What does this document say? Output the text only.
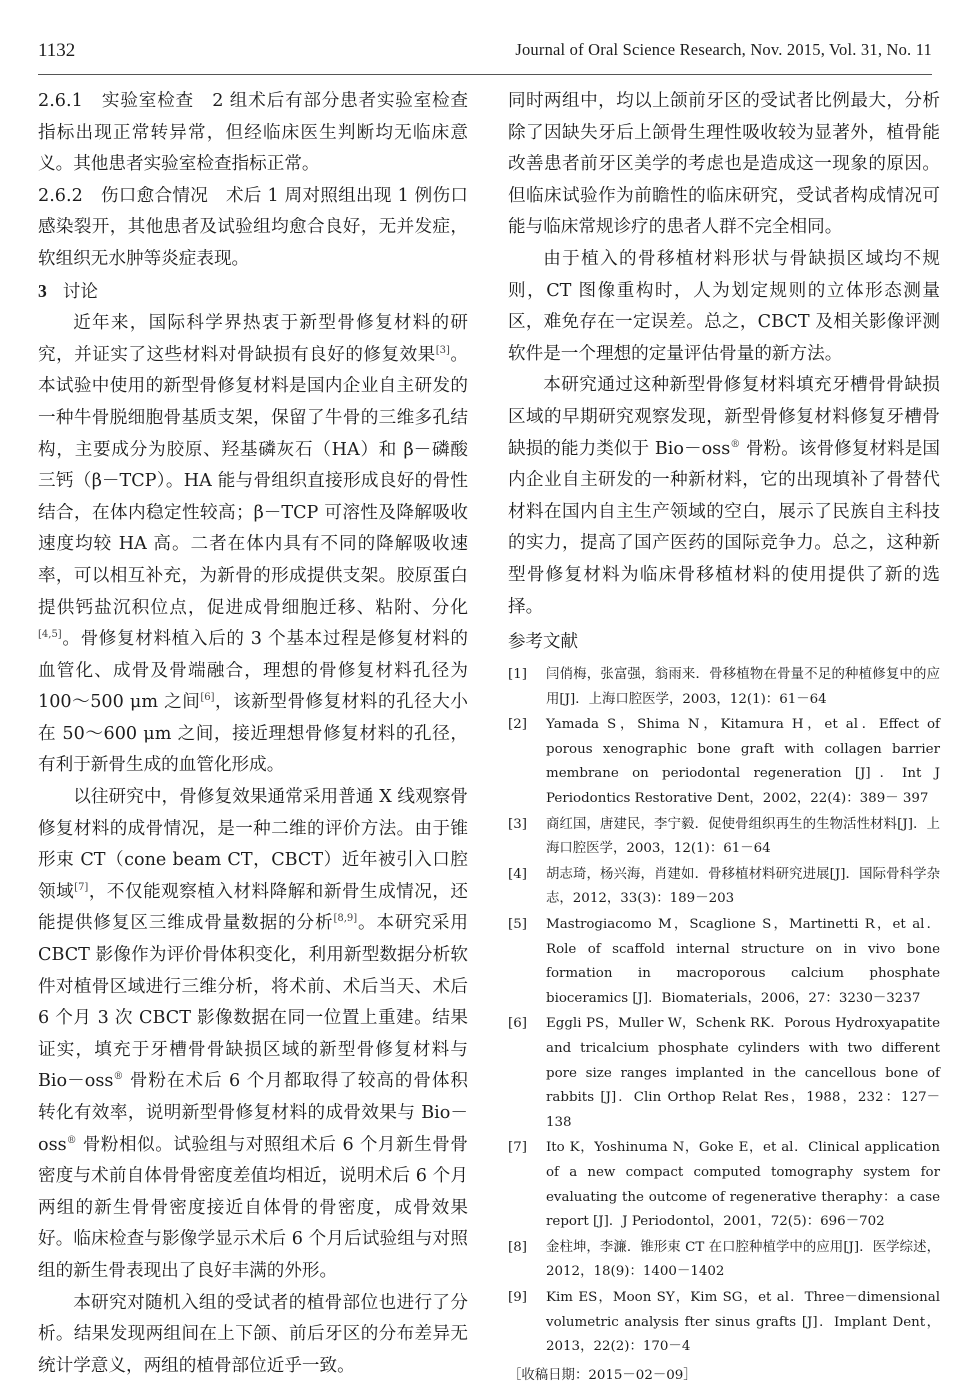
1132	Journal of Oral Science Research, Nov. 2015, Vol. 31, No. 11

2.6.1　实验室检查　2 组术后有部分患者实验室检查指标出现正常转异常，但经临床医生判断均无临床意义。其他患者实验室检查指标正常。

2.6.2　伤口愈合情况　术后 1 周对照组出现 1 例伤口感染裂开，其他患者及试验组均愈合良好，无并发症，软组织无水肿等炎症表现。

3 讨论

近年来，国际科学界热衷于新型骨修复材料的研究，并证实了这些材料对骨缺损有良好的修复效果[3]。本试验中使用的新型骨修复材料是国内企业自主研发的一种牛骨脱细胞骨基质支架，保留了牛骨的三维多孔结构，主要成分为胶原、羟基磷灰石（HA）和 β－磷酸三钙（β－TCP）。HA 能与骨组织直接形成良好的骨性结合，在体内稳定性较高；β－TCP 可溶性及降解吸收速度均较 HA 高。二者在体内具有不同的降解吸收速率，可以相互补充，为新骨的形成提供支架。胶原蛋白提供钙盐沉积位点，促进成骨细胞迁移、粘附、分化[4,5]。骨修复材料植入后的 3 个基本过程是修复材料的血管化、成骨及骨端融合，理想的骨修复材料孔径为 100～500 μm 之间[6]，该新型骨修复材料的孔径大小在 50～600 μm 之间，接近理想骨修复材料的孔径，有利于新骨生成的血管化形成。

以往研究中，骨修复效果通常采用普通 X 线观察骨修复材料的成骨情况，是一种二维的评价方法。由于锥形束 CT（cone beam CT，CBCT）近年被引入口腔领域[7]，不仅能观察植入材料降解和新骨生成情况，还能提供修复区三维成骨量数据的分析[8,9]。本研究采用 CBCT 影像作为评价骨体积变化，利用新型数据分析软件对植骨区域进行三维分析，将术前、术后当天、术后 6 个月 3 次 CBCT 影像数据在同一位置上重建。结果证实，填充于牙槽骨骨缺损区域的新型骨修复材料与 Bio－oss® 骨粉在术后 6 个月都取得了较高的骨体积转化有效率，说明新型骨修复材料的成骨效果与 Bio－oss® 骨粉相似。试验组与对照组术后 6 个月新生骨骨密度与术前自体骨骨密度差值均相近，说明术后 6 个月两组的新生骨骨密度接近自体骨的骨密度，成骨效果好。临床检查与影像学显示术后 6 个月后试验组与对照组的新生骨表现出了良好丰满的外形。

本研究对随机入组的受试者的植骨部位也进行了分析。结果发现两组间在上下颌、前后牙区的分布差异无统计学意义，两组的植骨部位近乎一致。

同时两组中，均以上颌前牙区的受试者比例最大，分析除了因缺失牙后上颌骨生理性吸收较为显著外，植骨能改善患者前牙区美学的考虑也是造成这一现象的原因。但临床试验作为前瞻性的临床研究，受试者构成情况可能与临床常规诊疗的患者人群不完全相同。

由于植入的骨移植材料形状与骨缺损区域均不规则，CT 图像重构时，人为划定规则的立体形态测量区，难免存在一定误差。总之，CBCT 及相关影像评测软件是一个理想的定量评估骨量的新方法。

本研究通过这种新型骨修复材料填充牙槽骨骨缺损区域的早期研究观察发现，新型骨修复材料修复牙槽骨缺损的能力类似于 Bio－oss® 骨粉。该骨修复材料是国内企业自主研发的一种新材料，它的出现填补了骨替代材料在国内自主生产领域的空白，展示了民族自主科技的实力，提高了国产医药的国际竞争力。总之，这种新型骨修复材料为临床骨移植材料的使用提供了新的选择。

参考文献

[1] 闫俏梅，张富强，翁雨来．骨移植物在骨量不足的种植修复中的应用[J]．上海口腔医学，2003，12(1)：61－64
[2] Yamada S，Shima N，Kitamura H，et al．Effect of porous xenographic bone graft with collagen barrier membrane on periodontal regeneration [J]．Int J Periodontics Restorative Dent，2002，22(4)：389－ 397
[3] 商红国，唐建民，李宁毅．促使骨组织再生的生物活性材料[J]．上海口腔医学，2003，12(1)：61－64
[4] 胡志琦，杨兴海，肖建如．骨移植材料研究进展[J]．国际骨科学杂志，2012，33(3)：189－203
[5] Mastrogiacomo M，Scaglione S，Martinetti R，et al．Role of scaffold internal structure on in vivo bone formation in macroporous calcium phosphate bioceramics [J]．Biomaterials，2006，27：3230－3237
[6] Eggli PS，Muller W，Schenk RK．Porous Hydroxyapatite and tricalcium phosphate cylinders with two different pore size ranges implanted in the cancellous bone of rabbits [J]．Clin Orthop Relat Res，1988，232：127－138
[7] Ito K，Yoshinuma N，Goke E，et al．Clinical application of a new compact computed tomography system for evaluating the outcome of regenerative theraphy：a case report [J]．J Periodontol，2001，72(5)：696－702
[8] 金柱坤，李濂．锥形束 CT 在口腔种植学中的应用[J]．医学综述，2012，18(9)：1400－1402
[9] Kim ES，Moon SY，Kim SG，et al．Three－dimensional volumetric analysis fter sinus grafts [J]．Implant Dent，2013，22(2)：170－4
［收稿日期：2015－02－09］
